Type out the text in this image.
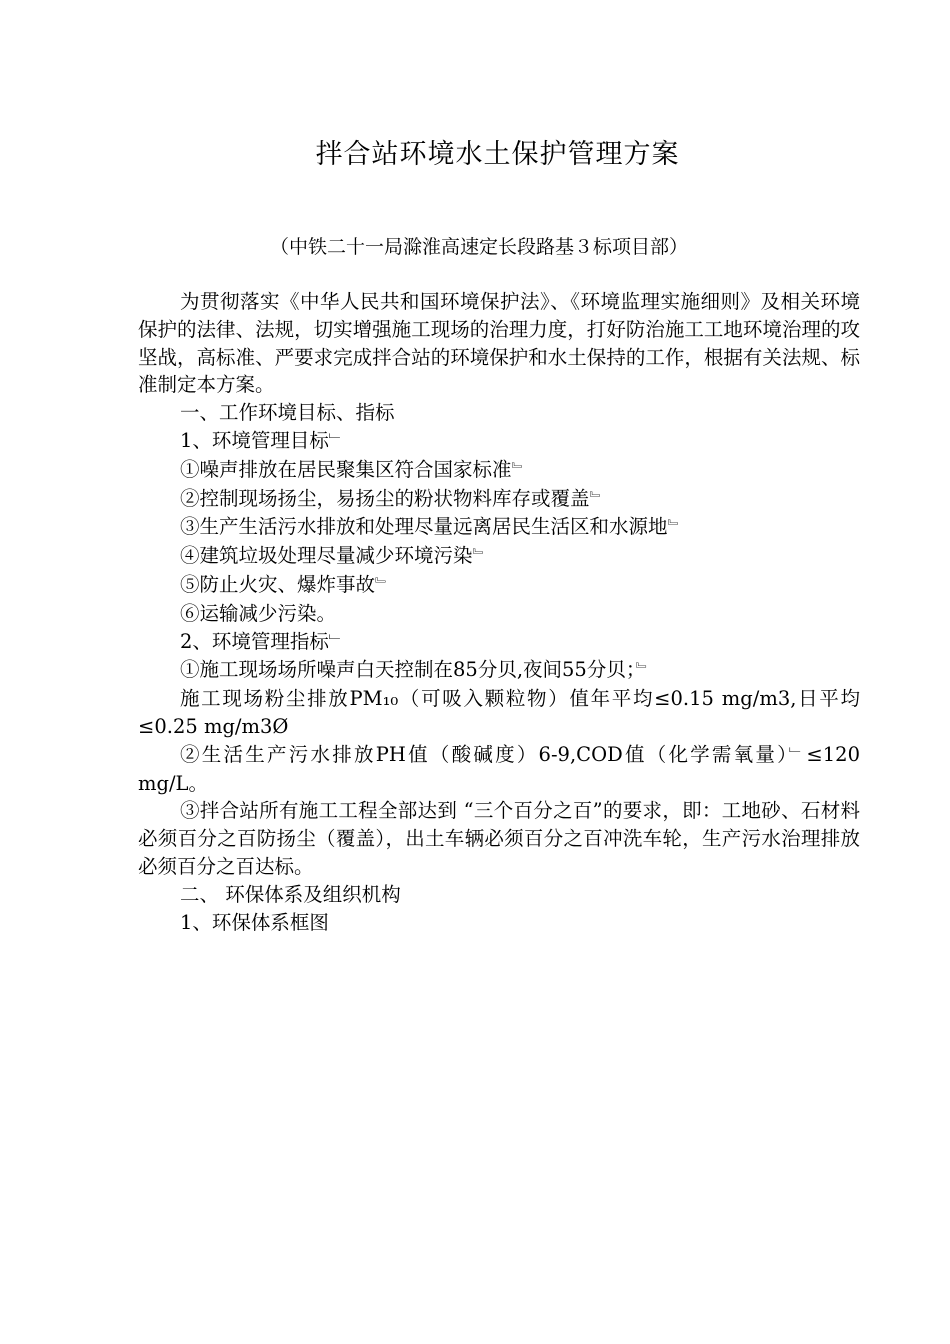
拌合站环境水土保护管理方案
（中铁二十一局滁淮高速定长段路基３标项目部）

为贯彻落实《中华人民共和国环境保护法》、《环境监理实施细则》及相关环境保护的法律、法规，切实增强施工现场的治理力度，打好防治施工工地环境治理的攻坚战，高标准、严要求完成拌合站的环境保护和水土保持的工作，根据有关法规、标准制定本方案。

一、工作环境目标、指标

1、环境管理目标﹂

①噪声排放在居民聚集区符合国家标准﹄

②控制现场扬尘，易扬尘的粉状物料库存或覆盖﹄

③生产生活污水排放和处理尽量远离居民生活区和水源地﹄

④建筑垃圾处理尽量减少环境污染﹄

⑤防止火灾、爆炸事故﹄

⑥运输减少污染。

2、环境管理指标﹂

①施工现场场所噪声白天控制在85分贝,夜间55分贝；﹄

施工现场粉尘排放PM₁₀（可吸入颗粒物）值年平均≤0.15 mg/m3,日平均≤0.25 mg/m3Ø

②生活生产污水排放PH值（酸碱度）6-9,COD值（化学需氧量）﹂≤120 mg/L。

③拌合站所有施工工程全部达到 “三个百分之百”的要求，即：工地砂、石材料必须百分之百防扬尘（覆盖），出土车辆必须百分之百冲洗车轮，生产污水治理排放必须百分之百达标。

二、 环保体系及组织机构

1、环保体系框图
